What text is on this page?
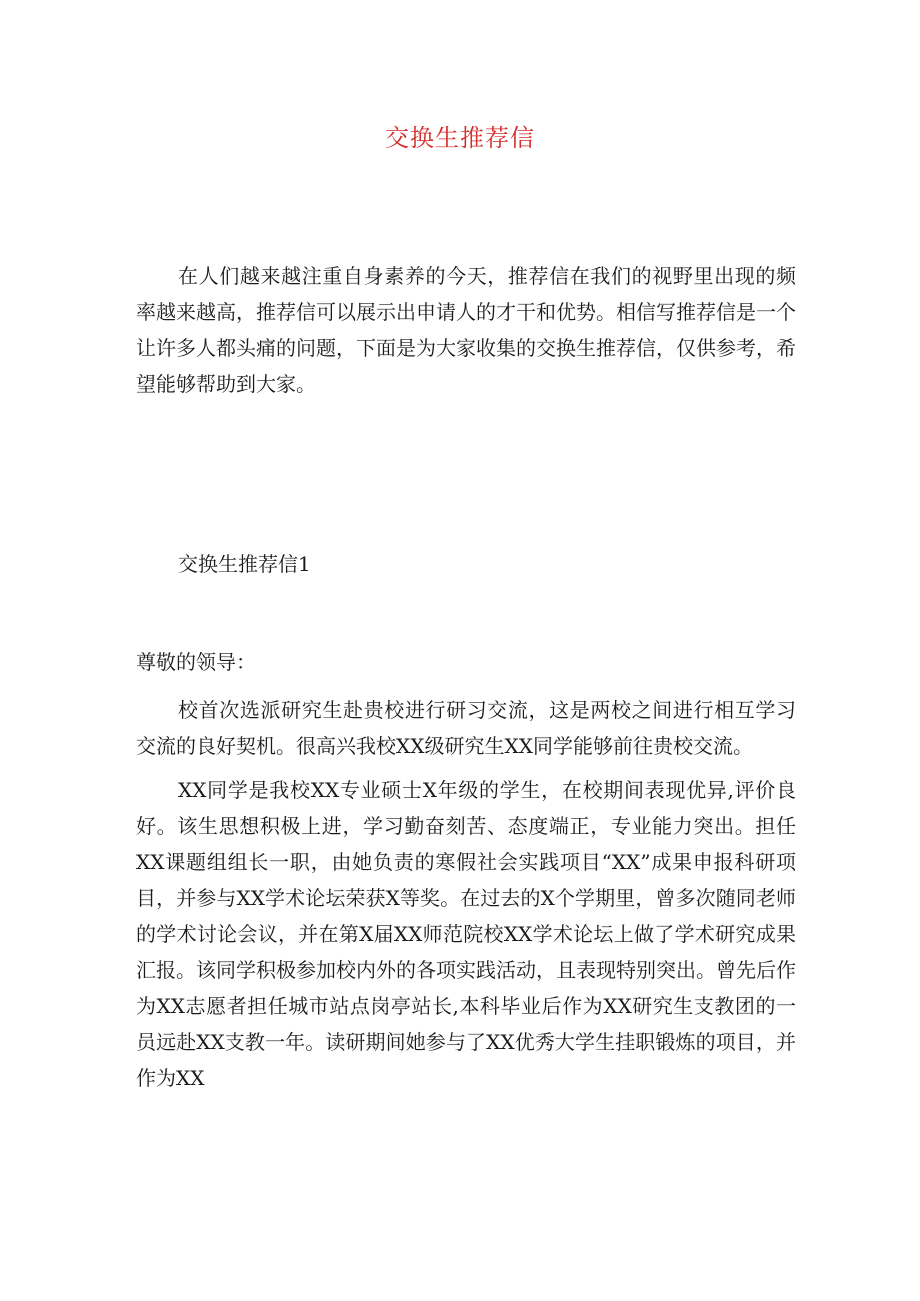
交换生推荐信
在人们越来越注重自身素养的今天，推荐信在我们的视野里出现的频率越来越高，推荐信可以展示出申请人的才干和优势。相信写推荐信是一个让许多人都头痛的问题，下面是为大家收集的交换生推荐信，仅供参考，希望能够帮助到大家。
交换生推荐信1
尊敬的领导：
校首次选派研究生赴贵校进行研习交流，这是两校之间进行相互学习交流的良好契机。很高兴我校XX级研究生XX同学能够前往贵校交流。
XX同学是我校XX专业硕士X年级的学生，在校期间表现优异,评价良好。该生思想积极上进，学习勤奋刻苦、态度端正，专业能力突出。担任XX课题组组长一职，由她负责的寒假社会实践项目“XX”成果申报科研项目，并参与XX学术论坛荣获X等奖。在过去的X个学期里，曾多次随同老师的学术讨论会议，并在第X届XX师范院校XX学术论坛上做了学术研究成果汇报。该同学积极参加校内外的各项实践活动，且表现特别突出。曾先后作为XX志愿者担任城市站点岗亭站长,本科毕业后作为XX研究生支教团的一员远赴XX支教一年。读研期间她参与了XX优秀大学生挂职锻炼的项目，并作为XX
